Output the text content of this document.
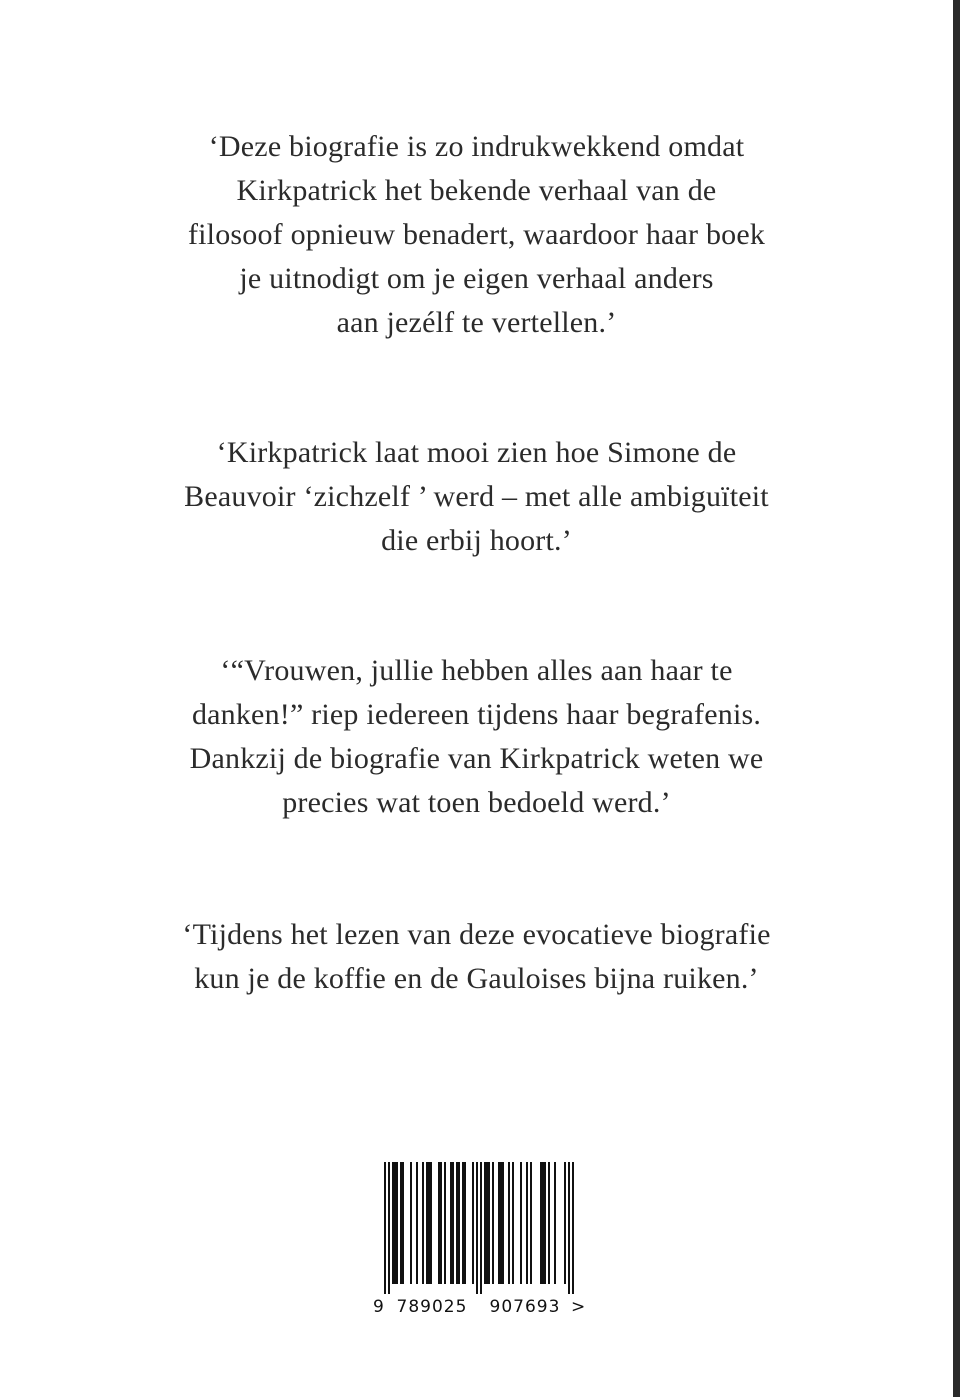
‘Deze biografie is zo indrukwekkend omdat
Kirkpatrick het bekende verhaal van de
filosoof opnieuw benadert, waardoor haar boek
je uitnodigt om je eigen verhaal anders
aan jezélf te vertellen.’
‘Kirkpatrick laat mooi zien hoe Simone de
Beauvoir ‘zichzelf ’ werd – met alle ambiguïteit
die erbij hoort.’
‘“Vrouwen, jullie hebben alles aan haar te
danken!” riep iedereen tijdens haar begrafenis.
Dankzij de biografie van Kirkpatrick weten we
precies wat toen bedoeld werd.’
‘Tijdens het lezen van deze evocatieve biografie
kun je de koffie en de Gauloises bijna ruiken.’
9 789025 907693 >
